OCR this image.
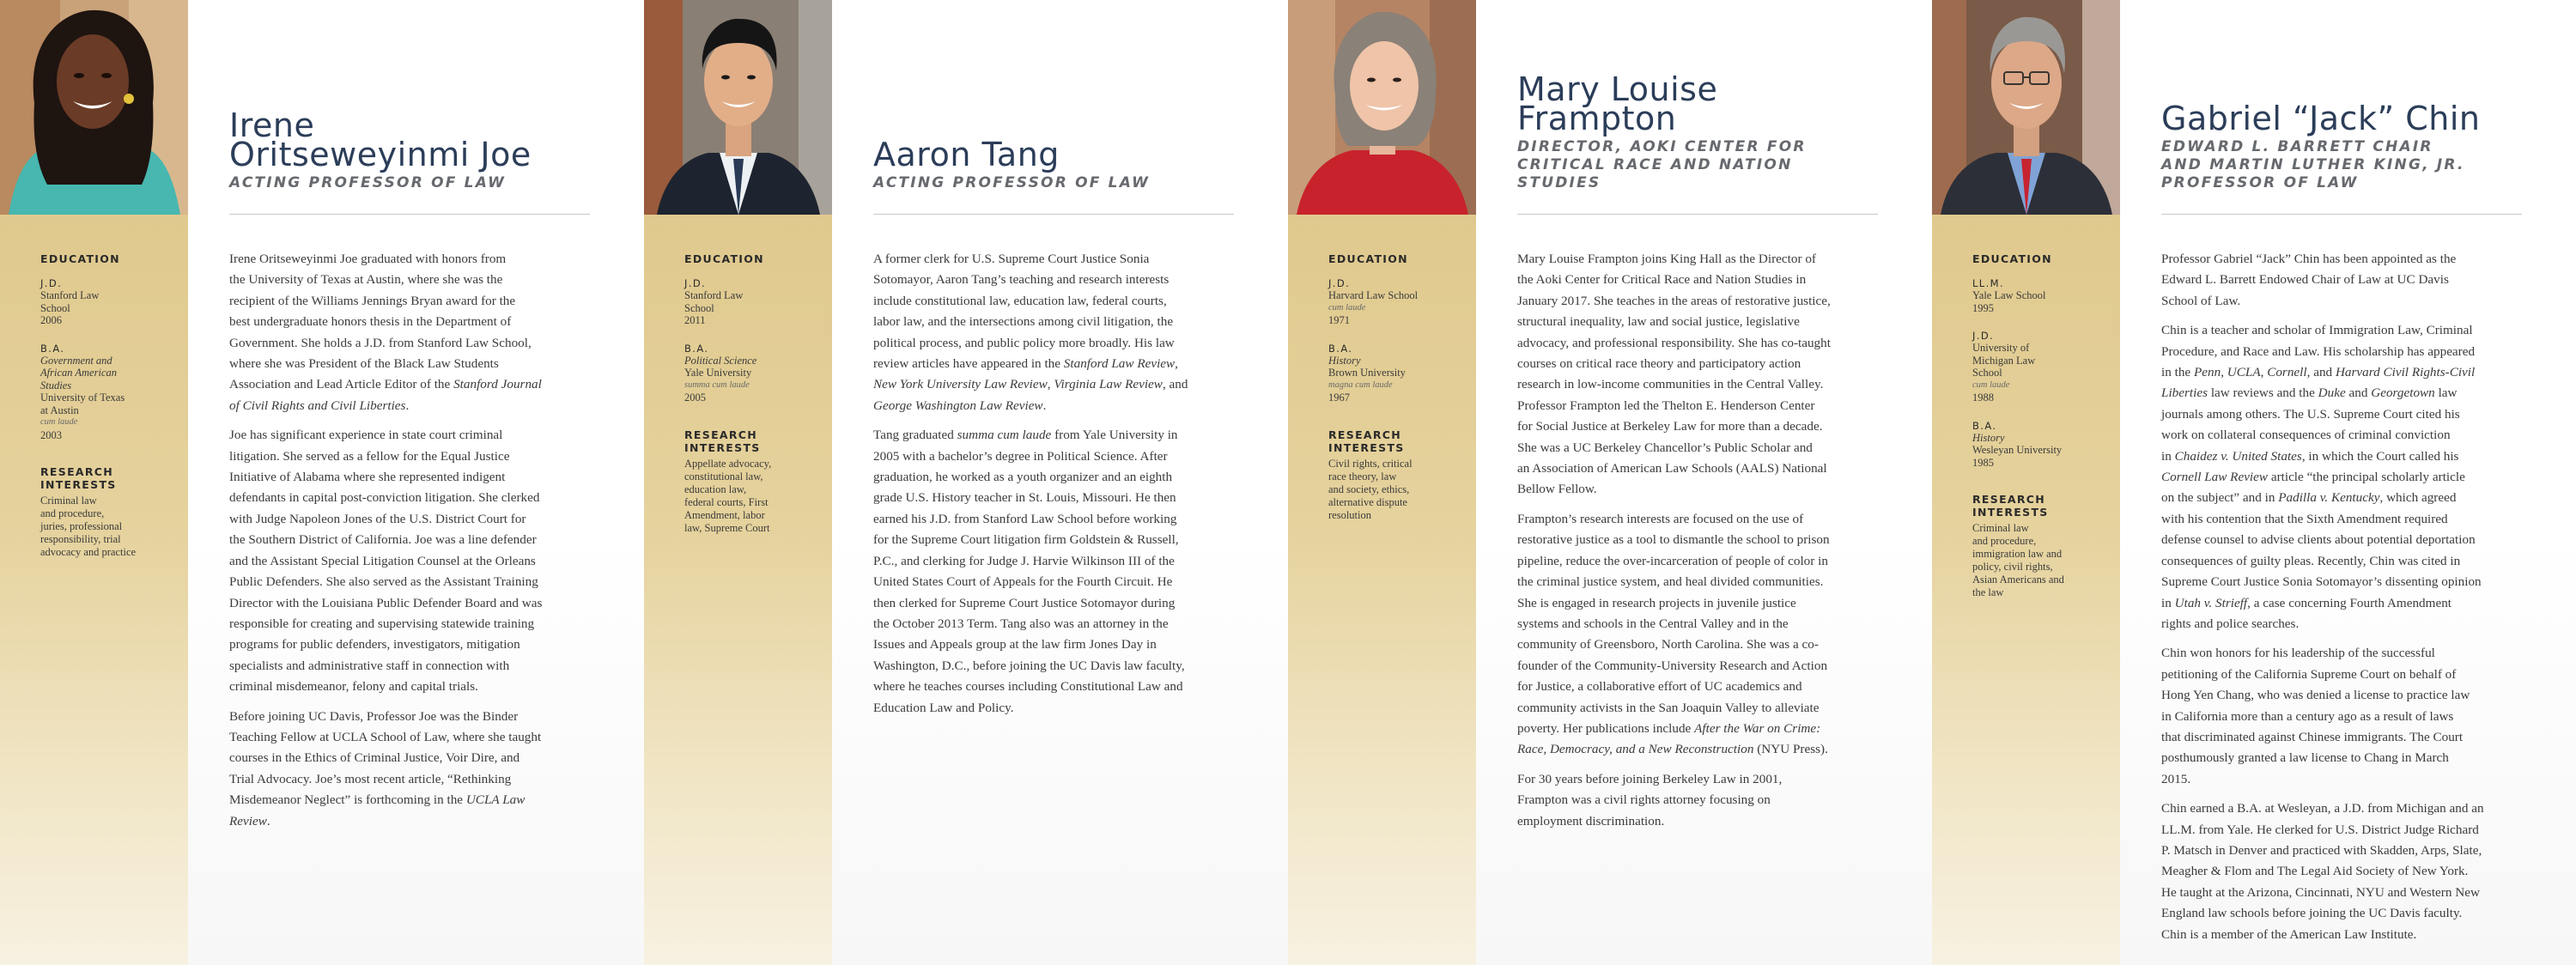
EDUCATION
J.D.
Stanford Law
School
2006
B.A.
Government and
African American
Studies
University of Texas
at Austin
cum laude
2003
RESEARCH
INTERESTS
Criminal law
and procedure,
juries, professional
responsibility, trial
advocacy and practice
Irene
Oritseweyinmi Joe
ACTING PROFESSOR OF LAW

Irene Oritseweyinmi Joe graduated with honors from
the University of Texas at Austin, where she was the
recipient of the Williams Jennings Bryan award for the
best undergraduate honors thesis in the Department of
Government. She holds a J.D. from Stanford Law School,
where she was President of the Black Law Students
Association and Lead Article Editor of the Stanford Journal
of Civil Rights and Civil Liberties.

Joe has significant experience in state court criminal
litigation. She served as a fellow for the Equal Justice
Initiative of Alabama where she represented indigent
defendants in capital post-conviction litigation. She clerked
with Judge Napoleon Jones of the U.S. District Court for
the Southern District of California. Joe was a line defender
and the Assistant Special Litigation Counsel at the Orleans
Public Defenders. She also served as the Assistant Training
Director with the Louisiana Public Defender Board and was
responsible for creating and supervising statewide training
programs for public defenders, investigators, mitigation
specialists and administrative staff in connection with
criminal misdemeanor, felony and capital trials.

Before joining UC Davis, Professor Joe was the Binder
Teaching Fellow at UCLA School of Law, where she taught
courses in the Ethics of Criminal Justice, Voir Dire, and
Trial Advocacy. Joe’s most recent article, “Rethinking
Misdemeanor Neglect” is forthcoming in the UCLA Law
Review.

EDUCATION
J.D.
Stanford Law
School
2011
B.A.
Political Science
Yale University
summa cum laude
2005
RESEARCH
INTERESTS
Appellate advocacy,
constitutional law,
education law,
federal courts, First
Amendment, labor
law, Supreme Court
Aaron Tang
ACTING PROFESSOR OF LAW

A former clerk for U.S. Supreme Court Justice Sonia
Sotomayor, Aaron Tang’s teaching and research interests
include constitutional law, education law, federal courts,
labor law, and the intersections among civil litigation, the
political process, and public policy more broadly. His law
review articles have appeared in the Stanford Law Review,
New York University Law Review, Virginia Law Review, and
George Washington Law Review.

Tang graduated summa cum laude from Yale University in
2005 with a bachelor’s degree in Political Science. After
graduation, he worked as a youth organizer and an eighth
grade U.S. History teacher in St. Louis, Missouri. He then
earned his J.D. from Stanford Law School before working
for the Supreme Court litigation firm Goldstein & Russell,
P.C., and clerking for Judge J. Harvie Wilkinson III of the
United States Court of Appeals for the Fourth Circuit. He
then clerked for Supreme Court Justice Sotomayor during
the October 2013 Term. Tang also was an attorney in the
Issues and Appeals group at the law firm Jones Day in
Washington, D.C., before joining the UC Davis law faculty,
where he teaches courses including Constitutional Law and
Education Law and Policy.

EDUCATION
J.D.
Harvard Law School
cum laude
1971
B.A.
History
Brown University
magna cum laude
1967
RESEARCH
INTERESTS
Civil rights, critical
race theory, law
and society, ethics,
alternative dispute
resolution
Mary Louise
Frampton
DIRECTOR, AOKI CENTER FOR
CRITICAL RACE AND NATION
STUDIES

Mary Louise Frampton joins King Hall as the Director of
the Aoki Center for Critical Race and Nation Studies in
January 2017. She teaches in the areas of restorative justice,
structural inequality, law and social justice, legislative
advocacy, and professional responsibility. She has co-taught
courses on critical race theory and participatory action
research in low-income communities in the Central Valley.
Professor Frampton led the Thelton E. Henderson Center
for Social Justice at Berkeley Law for more than a decade.
She was a UC Berkeley Chancellor’s Public Scholar and
an Association of American Law Schools (AALS) National
Bellow Fellow.

Frampton’s research interests are focused on the use of
restorative justice as a tool to dismantle the school to prison
pipeline, reduce the over-incarceration of people of color in
the criminal justice system, and heal divided communities.
She is engaged in research projects in juvenile justice
systems and schools in the Central Valley and in the
community of Greensboro, North Carolina. She was a co-
founder of the Community-University Research and Action
for Justice, a collaborative effort of UC academics and
community activists in the San Joaquin Valley to alleviate
poverty. Her publications include After the War on Crime:
Race, Democracy, and a New Reconstruction (NYU Press).

For 30 years before joining Berkeley Law in 2001,
Frampton was a civil rights attorney focusing on
employment discrimination.

EDUCATION
LL.M.
Yale Law School
1995
J.D.
University of
Michigan Law
School
cum laude
1988
B.A.
History
Wesleyan University
1985
RESEARCH
INTERESTS
Criminal law
and procedure,
immigration law and
policy, civil rights,
Asian Americans and
the law
Gabriel “Jack” Chin
EDWARD L. BARRETT CHAIR
AND MARTIN LUTHER KING, JR.
PROFESSOR OF LAW

Professor Gabriel “Jack” Chin has been appointed as the
Edward L. Barrett Endowed Chair of Law at UC Davis
School of Law.

Chin is a teacher and scholar of Immigration Law, Criminal
Procedure, and Race and Law. His scholarship has appeared
in the Penn, UCLA, Cornell, and Harvard Civil Rights-Civil
Liberties law reviews and the Duke and Georgetown law
journals among others. The U.S. Supreme Court cited his
work on collateral consequences of criminal conviction
in Chaidez v. United States, in which the Court called his
Cornell Law Review article “the principal scholarly article
on the subject” and in Padilla v. Kentucky, which agreed
with his contention that the Sixth Amendment required
defense counsel to advise clients about potential deportation
consequences of guilty pleas. Recently, Chin was cited in
Supreme Court Justice Sonia Sotomayor’s dissenting opinion
in Utah v. Strieff, a case concerning Fourth Amendment
rights and police searches.

Chin won honors for his leadership of the successful
petitioning of the California Supreme Court on behalf of
Hong Yen Chang, who was denied a license to practice law
in California more than a century ago as a result of laws
that discriminated against Chinese immigrants. The Court
posthumously granted a law license to Chang in March
2015.

Chin earned a B.A. at Wesleyan, a J.D. from Michigan and an
LL.M. from Yale. He clerked for U.S. District Judge Richard
P. Matsch in Denver and practiced with Skadden, Arps, Slate,
Meagher & Flom and The Legal Aid Society of New York.
He taught at the Arizona, Cincinnati, NYU and Western New
England law schools before joining the UC Davis faculty.
Chin is a member of the American Law Institute.
